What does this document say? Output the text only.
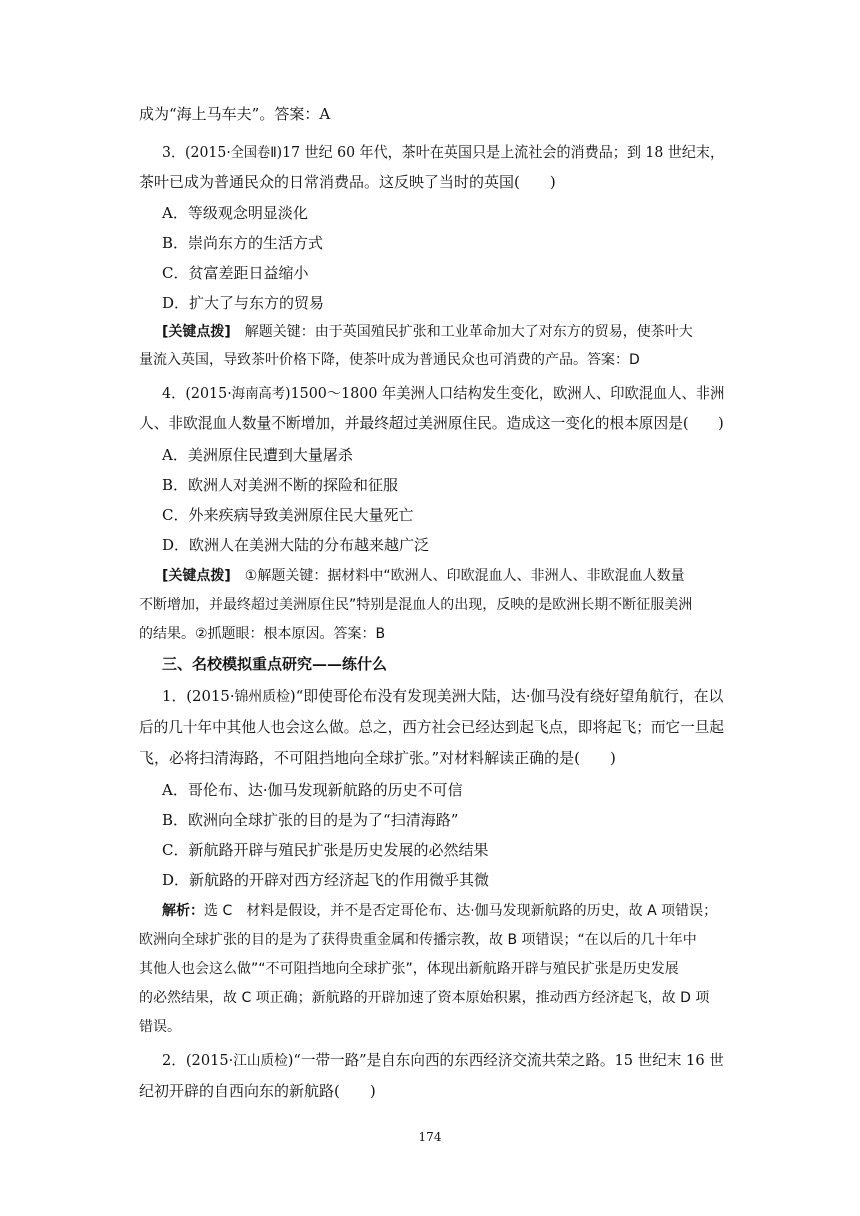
成为“海上马车夫”。答案：A
3．(2015·全国卷Ⅱ)17 世纪 60 年代，茶叶在英国只是上流社会的消费品；到 18 世纪末，
茶叶已成为普通民众的日常消费品。这反映了当时的英国(　　)
A．等级观念明显淡化
B．崇尚东方的生活方式
C．贫富差距日益缩小
D．扩大了与东方的贸易
[关键点拨]　解题关键：由于英国殖民扩张和工业革命加大了对东方的贸易，使茶叶大
量流入英国，导致茶叶价格下降，使茶叶成为普通民众也可消费的产品。答案：D
4．(2015·海南高考)1500～1800 年美洲人口结构发生变化，欧洲人、印欧混血人、非洲
人、非欧混血人数量不断增加，并最终超过美洲原住民。造成这一变化的根本原因是(　　)
A．美洲原住民遭到大量屠杀
B．欧洲人对美洲不断的探险和征服
C．外来疾病导致美洲原住民大量死亡
D．欧洲人在美洲大陆的分布越来越广泛
[关键点拨]　①解题关键：据材料中“欧洲人、印欧混血人、非洲人、非欧混血人数量
不断增加，并最终超过美洲原住民”特别是混血人的出现，反映的是欧洲长期不断征服美洲
的结果。②抓题眼：根本原因。答案：B
三、名校模拟重点研究——练什么
1．(2015·锦州质检)“即使哥伦布没有发现美洲大陆，达·伽马没有绕好望角航行，在以
后的几十年中其他人也会这么做。总之，西方社会已经达到起飞点，即将起飞；而它一旦起
飞，必将扫清海路，不可阻挡地向全球扩张。”对材料解读正确的是(　　)
A．哥伦布、达·伽马发现新航路的历史不可信
B．欧洲向全球扩张的目的是为了“扫清海路”
C．新航路开辟与殖民扩张是历史发展的必然结果
D．新航路的开辟对西方经济起飞的作用微乎其微
解析：选 C　材料是假设，并不是否定哥伦布、达·伽马发现新航路的历史，故 A 项错误；
欧洲向全球扩张的目的是为了获得贵重金属和传播宗教，故 B 项错误；“在以后的几十年中
其他人也会这么做”“不可阻挡地向全球扩张”，体现出新航路开辟与殖民扩张是历史发展
的必然结果，故 C 项正确；新航路的开辟加速了资本原始积累，推动西方经济起飞，故 D 项
错误。
2．(2015·江山质检)“一带一路”是自东向西的东西经济交流共荣之路。15 世纪末 16 世
纪初开辟的自西向东的新航路(　　)
174
